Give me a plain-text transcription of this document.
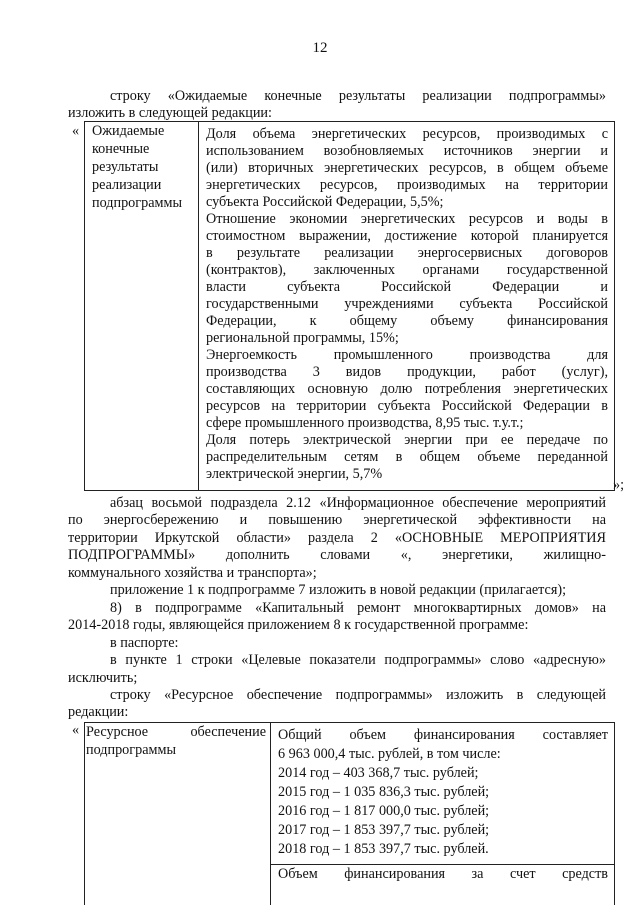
12
строку «Ожидаемые конечные результаты реализации подпрограммы»
изложить в следующей редакции:
« Ожидаемые
конечные
результаты
реализации
подпрограммы
Доля объема энергетических ресурсов, производимых с
использованием возобновляемых источников энергии и
(или) вторичных энергетических ресурсов, в общем объеме
энергетических ресурсов, производимых на территории
субъекта Российской Федерации, 5,5%;
Отношение экономии энергетических ресурсов и воды в
стоимостном выражении, достижение которой планируется
в результате реализации энергосервисных договоров
(контрактов), заключенных органами государственной
власти субъекта Российской Федерации и
государственными учреждениями субъекта Российской
Федерации, к общему объему финансирования
региональной программы, 15%;
Энергоемкость промышленного производства для
производства 3 видов продукции, работ (услуг),
составляющих основную долю потребления энергетических
ресурсов на территории субъекта Российской Федерации в
сфере промышленного производства, 8,95 тыс. т.у.т.;
Доля потерь электрической энергии при ее передаче по
распределительным сетям в общем объеме переданной
электрической энергии, 5,7%
»;
абзац восьмой подраздела 2.12 «Информационное обеспечение мероприятий
по энергосбережению и повышению энергетической эффективности на
территории Иркутской области» раздела 2 «ОСНОВНЫЕ МЕРОПРИЯТИЯ
ПОДПРОГРАММЫ» дополнить словами «, энергетики, жилищно-
коммунального хозяйства и транспорта»;
приложение 1 к подпрограмме 7 изложить в новой редакции (прилагается);
8) в подпрограмме «Капитальный ремонт многоквартирных домов» на
2014-2018 годы, являющейся приложением 8 к государственной программе:
в паспорте:
в пункте 1 строки «Целевые показатели подпрограммы» слово «адресную»
исключить;
строку «Ресурсное обеспечение подпрограммы» изложить в следующей
редакции:
« Ресурсное обеспечение
подпрограммы
Общий объем финансирования составляет
6 963 000,4 тыс. рублей, в том числе:
2014 год – 403 368,7 тыс. рублей;
2015 год – 1 035 836,3 тыс. рублей;
2016 год – 1 817 000,0 тыс. рублей;
2017 год – 1 853 397,7 тыс. рублей;
2018 год – 1 853 397,7 тыс. рублей.
Объем финансирования за счет средств
